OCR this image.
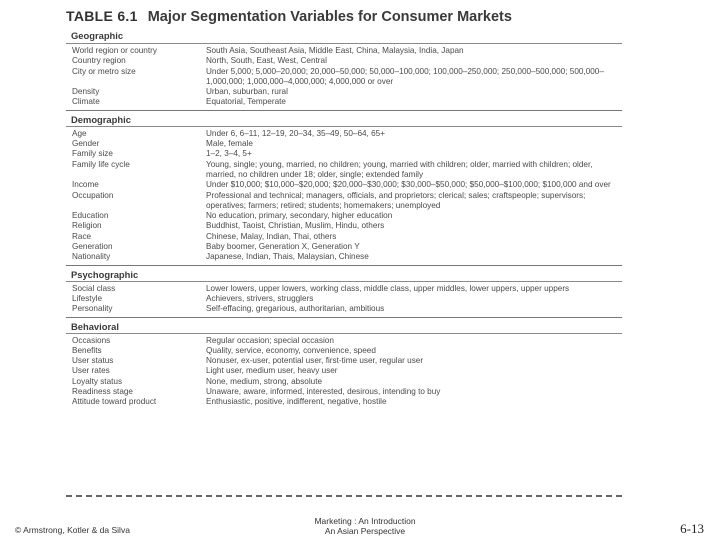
TABLE 6.1 Major Segmentation Variables for Consumer Markets
Geographic
World region or country	South Asia, Southeast Asia, Middle East, China, Malaysia, India, Japan
Country region	North, South, East, West, Central
City or metro size	Under 5,000; 5,000–20,000; 20,000–50,000; 50,000–100,000; 100,000–250,000; 250,000–500,000; 500,000–1,000,000; 1,000,000–4,000,000; 4,000,000 or over
Density	Urban, suburban, rural
Climate	Equatorial, Temperate
Demographic
Age	Under 6, 6–11, 12–19, 20–34, 35–49, 50–64, 65+
Gender	Male, female
Family size	1–2, 3–4, 5+
Family life cycle	Young, single; young, married, no children; young, married with children; older, married with children; older, married, no children under 18; older, single; extended family
Income	Under $10,000; $10,000–$20,000; $20,000–$30,000; $30,000–$50,000; $50,000–$100,000; $100,000 and over
Occupation	Professional and technical; managers, officials, and proprietors; clerical; sales; craftspeople; supervisors; operatives; farmers; retired; students; homemakers; unemployed
Education	No education, primary, secondary, higher education
Religion	Buddhist, Taoist, Christian, Muslim, Hindu, others
Race	Chinese, Malay, Indian, Thai, others
Generation	Baby boomer, Generation X, Generation Y
Nationality	Japanese, Indian, Thais, Malaysian, Chinese
Psychographic
Social class	Lower lowers, upper lowers, working class, middle class, upper middles, lower uppers, upper uppers
Lifestyle	Achievers, strivers, strugglers
Personality	Self-effacing, gregarious, authoritarian, ambitious
Behavioral
Occasions	Regular occasion; special occasion
Benefits	Quality, service, economy, convenience, speed
User status	Nonuser, ex-user, potential user, first-time user, regular user
User rates	Light user, medium user, heavy user
Loyalty status	None, medium, strong, absolute
Readiness stage	Unaware, aware, informed, interested, desirous, intending to buy
Attitude toward product	Enthusiastic, positive, indifferent, negative, hostile
© Armstrong, Kotler & da Silva
Marketing : An Introduction
An Asian Perspective	6-13
